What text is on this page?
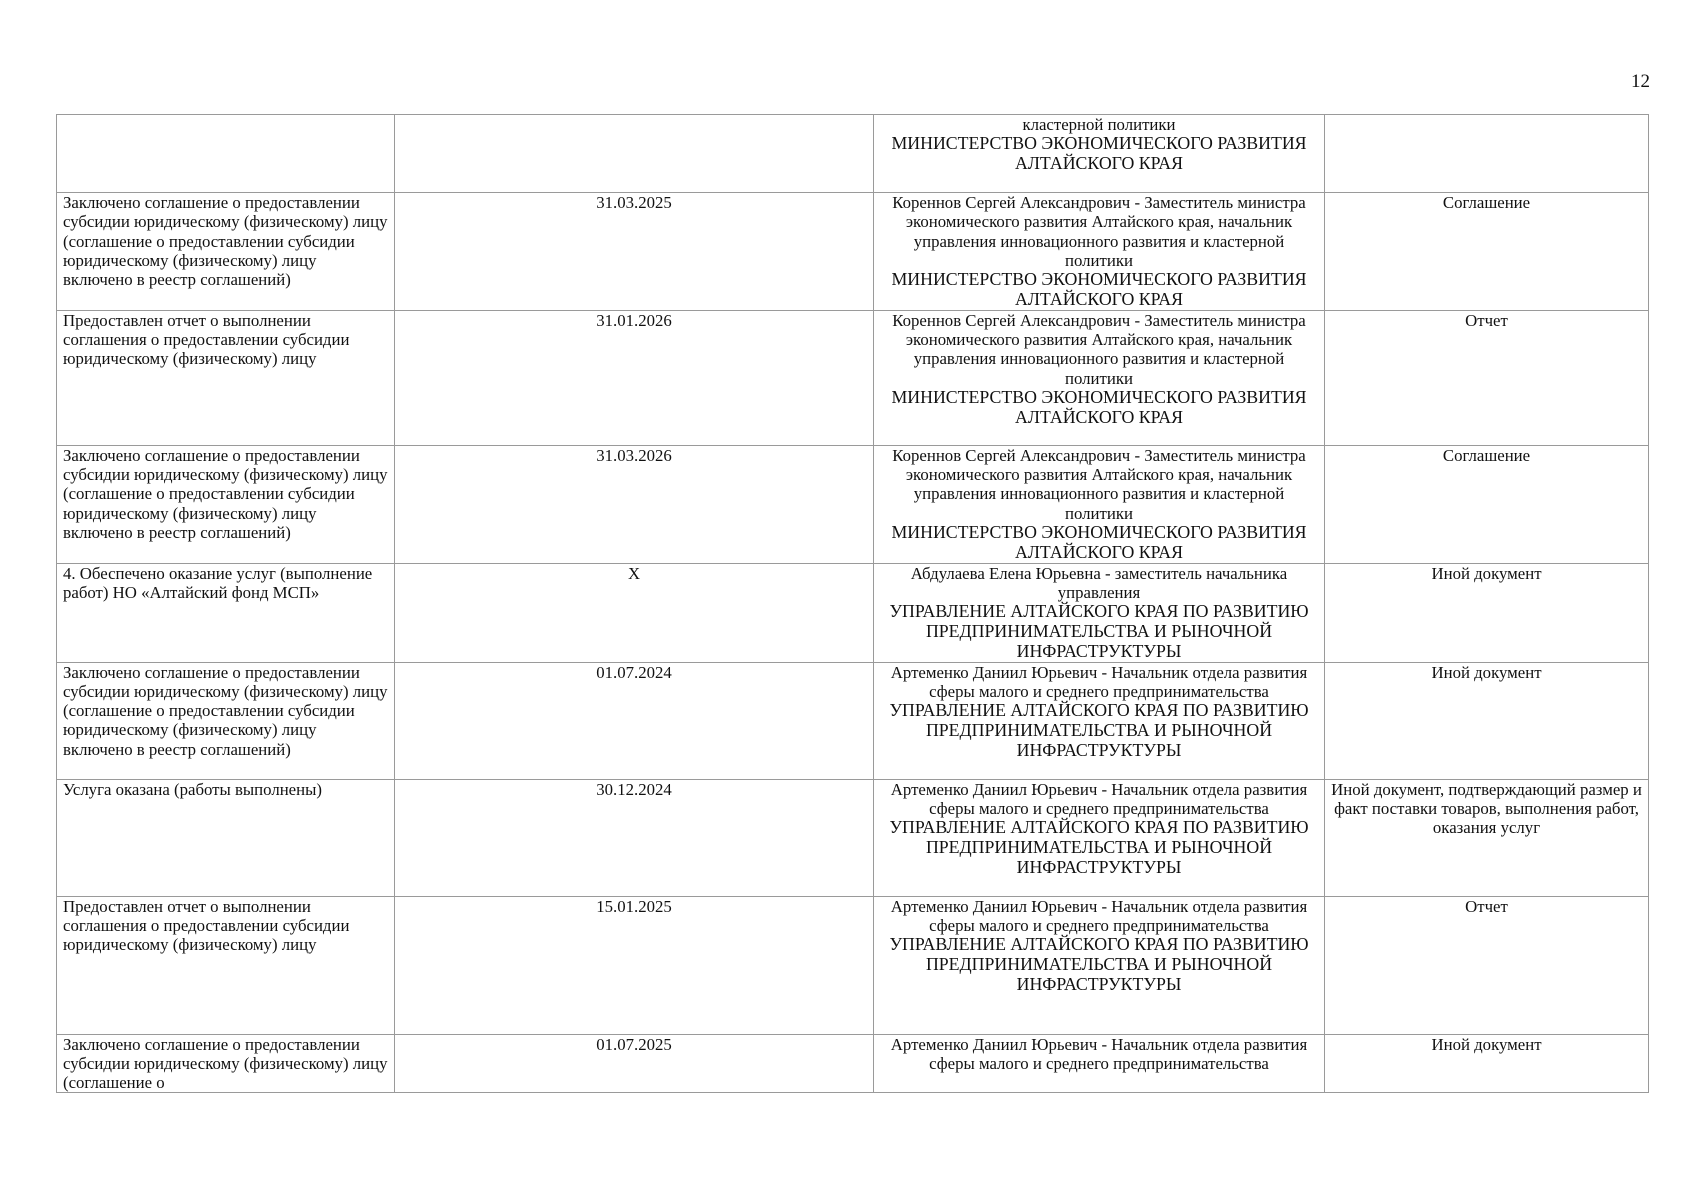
12

		кластерной политики
МИНИСТЕРСТВО ЭКОНОМИЧЕСКОГО РАЗВИТИЯ АЛТАЙСКОГО КРАЯ	

Заключено соглашение о предоставлении субсидии юридическому (физическому) лицу (соглашение о предоставлении субсидии юридическому (физическому) лицу включено в реестр соглашений)	31.03.2025	Кореннов Сергей Александрович - Заместитель министра экономического развития Алтайского края, начальник управления инновационного развития и кластерной политики
МИНИСТЕРСТВО ЭКОНОМИЧЕСКОГО РАЗВИТИЯ АЛТАЙСКОГО КРАЯ	Соглашение
Предоставлен отчет о выполнении соглашения о предоставлении субсидии юридическому (физическому) лицу	31.01.2026	Кореннов Сергей Александрович - Заместитель министра экономического развития Алтайского края, начальник управления инновационного развития и кластерной политики
МИНИСТЕРСТВО ЭКОНОМИЧЕСКОГО РАЗВИТИЯ АЛТАЙСКОГО КРАЯ	Отчет
Заключено соглашение о предоставлении субсидии юридическому (физическому) лицу (соглашение о предоставлении субсидии юридическому (физическому) лицу включено в реестр соглашений)	31.03.2026	Кореннов Сергей Александрович - Заместитель министра экономического развития Алтайского края, начальник управления инновационного развития и кластерной политики
МИНИСТЕРСТВО ЭКОНОМИЧЕСКОГО РАЗВИТИЯ АЛТАЙСКОГО КРАЯ	Соглашение
4. Обеспечено оказание услуг (выполнение работ) НО «Алтайский фонд МСП»	X	Абдулаева Елена Юрьевна - заместитель начальника управления
УПРАВЛЕНИЕ АЛТАЙСКОГО КРАЯ ПО РАЗВИТИЮ ПРЕДПРИНИМАТЕЛЬСТВА И РЫНОЧНОЙ ИНФРАСТРУКТУРЫ	Иной документ
Заключено соглашение о предоставлении субсидии юридическому (физическому) лицу (соглашение о предоставлении субсидии юридическому (физическому) лицу включено в реестр соглашений)	01.07.2024	Артеменко Даниил Юрьевич - Начальник отдела развития сферы малого и среднего предпринимательства
УПРАВЛЕНИЕ АЛТАЙСКОГО КРАЯ ПО РАЗВИТИЮ ПРЕДПРИНИМАТЕЛЬСТВА И РЫНОЧНОЙ ИНФРАСТРУКТУРЫ	Иной документ
Услуга оказана (работы выполнены)	30.12.2024	Артеменко Даниил Юрьевич - Начальник отдела развития сферы малого и среднего предпринимательства
УПРАВЛЕНИЕ АЛТАЙСКОГО КРАЯ ПО РАЗВИТИЮ ПРЕДПРИНИМАТЕЛЬСТВА И РЫНОЧНОЙ ИНФРАСТРУКТУРЫ	Иной документ, подтверждающий размер и факт поставки товаров, выполнения работ, оказания услуг
Предоставлен отчет о выполнении соглашения о предоставлении субсидии юридическому (физическому) лицу	15.01.2025	Артеменко Даниил Юрьевич - Начальник отдела развития сферы малого и среднего предпринимательства
УПРАВЛЕНИЕ АЛТАЙСКОГО КРАЯ ПО РАЗВИТИЮ ПРЕДПРИНИМАТЕЛЬСТВА И РЫНОЧНОЙ ИНФРАСТРУКТУРЫ	Отчет
Заключено соглашение о предоставлении субсидии юридическому (физическому) лицу (соглашение о	01.07.2025	Артеменко Даниил Юрьевич - Начальник отдела развития сферы малого и среднего предпринимательства	Иной документ
